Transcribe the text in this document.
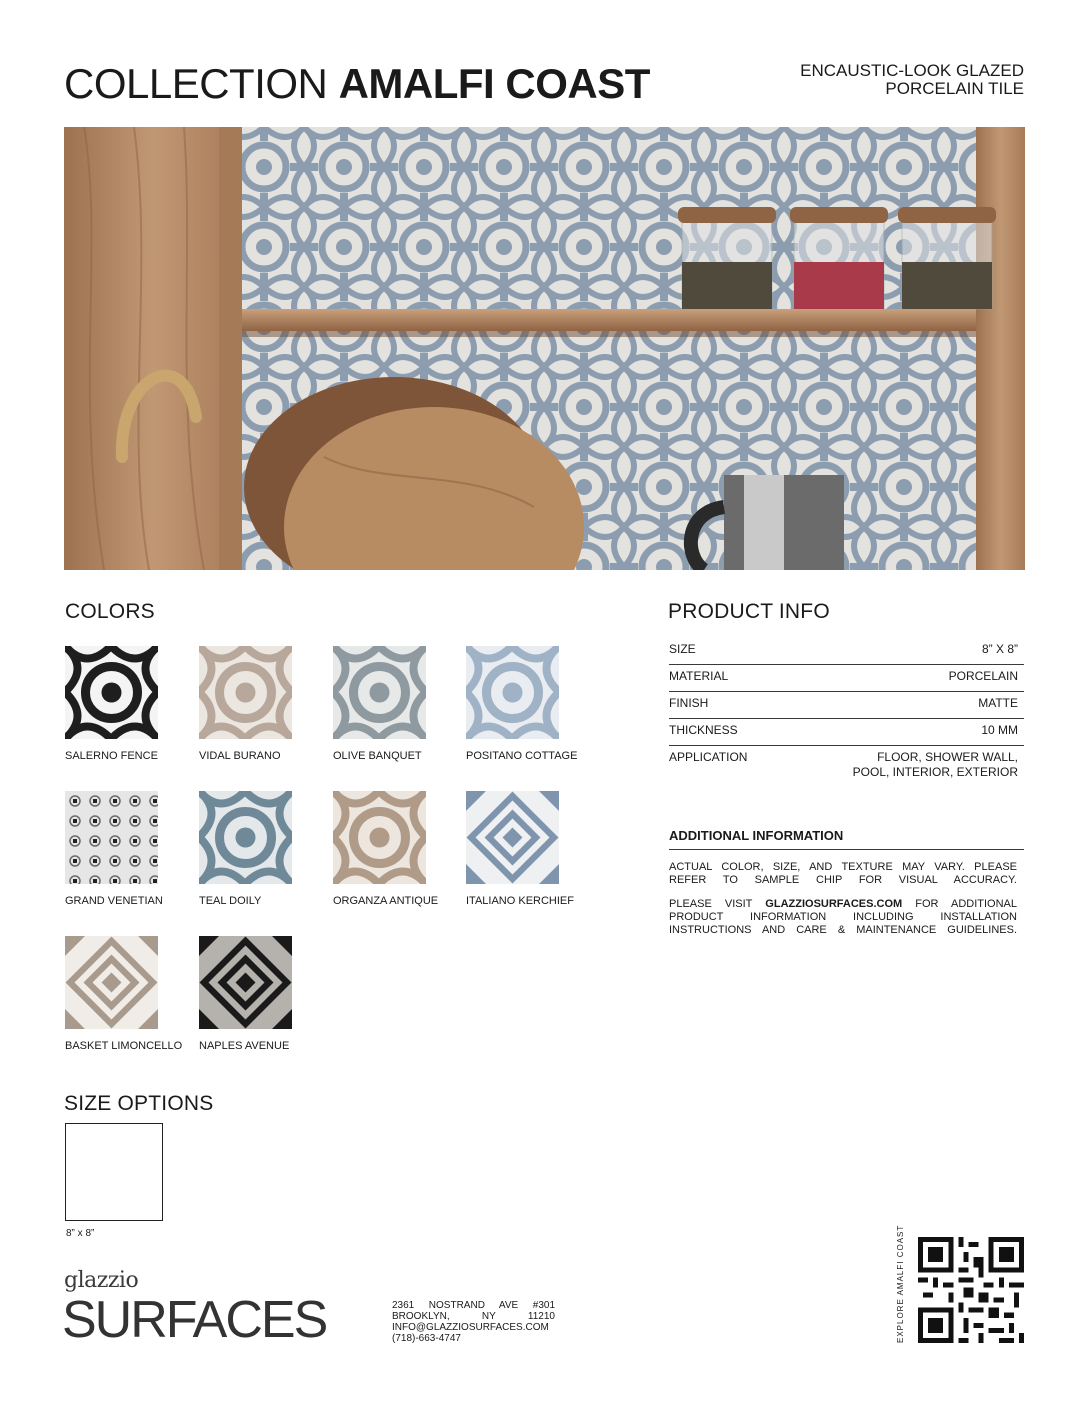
COLLECTION AMALFI COAST	ENCAUSTIC-LOOK GLAZED
PORCELAIN TILE
COLORS
SALERNO FENCE	VIDAL BURANO	OLIVE BANQUET	POSITANO COTTAGE
GRAND VENETIAN	TEAL DOILY	ORGANZA ANTIQUE	ITALIANO KERCHIEF
BASKET LIMONCELLO NAPLES AVENUE
PRODUCT INFO
SIZE	8” X 8”
MATERIAL	PORCELAIN
FINISH	MATTE
THICKNESS	10 MM
APPLICATION	FLOOR, SHOWER WALL,
POOL, INTERIOR, EXTERIOR
ADDITIONAL INFORMATION

ACTUAL COLOR, SIZE, AND TEXTURE MAY VARY. PLEASE

REFER TO SAMPLE CHIP FOR VISUAL ACCURACY.

PLEASE VISIT GLAZZIOSURFACES.COM FOR ADDITIONAL

PRODUCT INFORMATION INCLUDING INSTALLATION

INSTRUCTIONS AND CARE & MAINTENANCE GUIDELINES.

SIZE OPTIONS
8” x 8”
glazzio
SURFACES	2361 NOSTRAND AVE #301
BROOKLYN, NY 11210
INFO@GLAZZIOSURFACES.COM
(718)-663-4747	EXPLORE AMALFI COAST
